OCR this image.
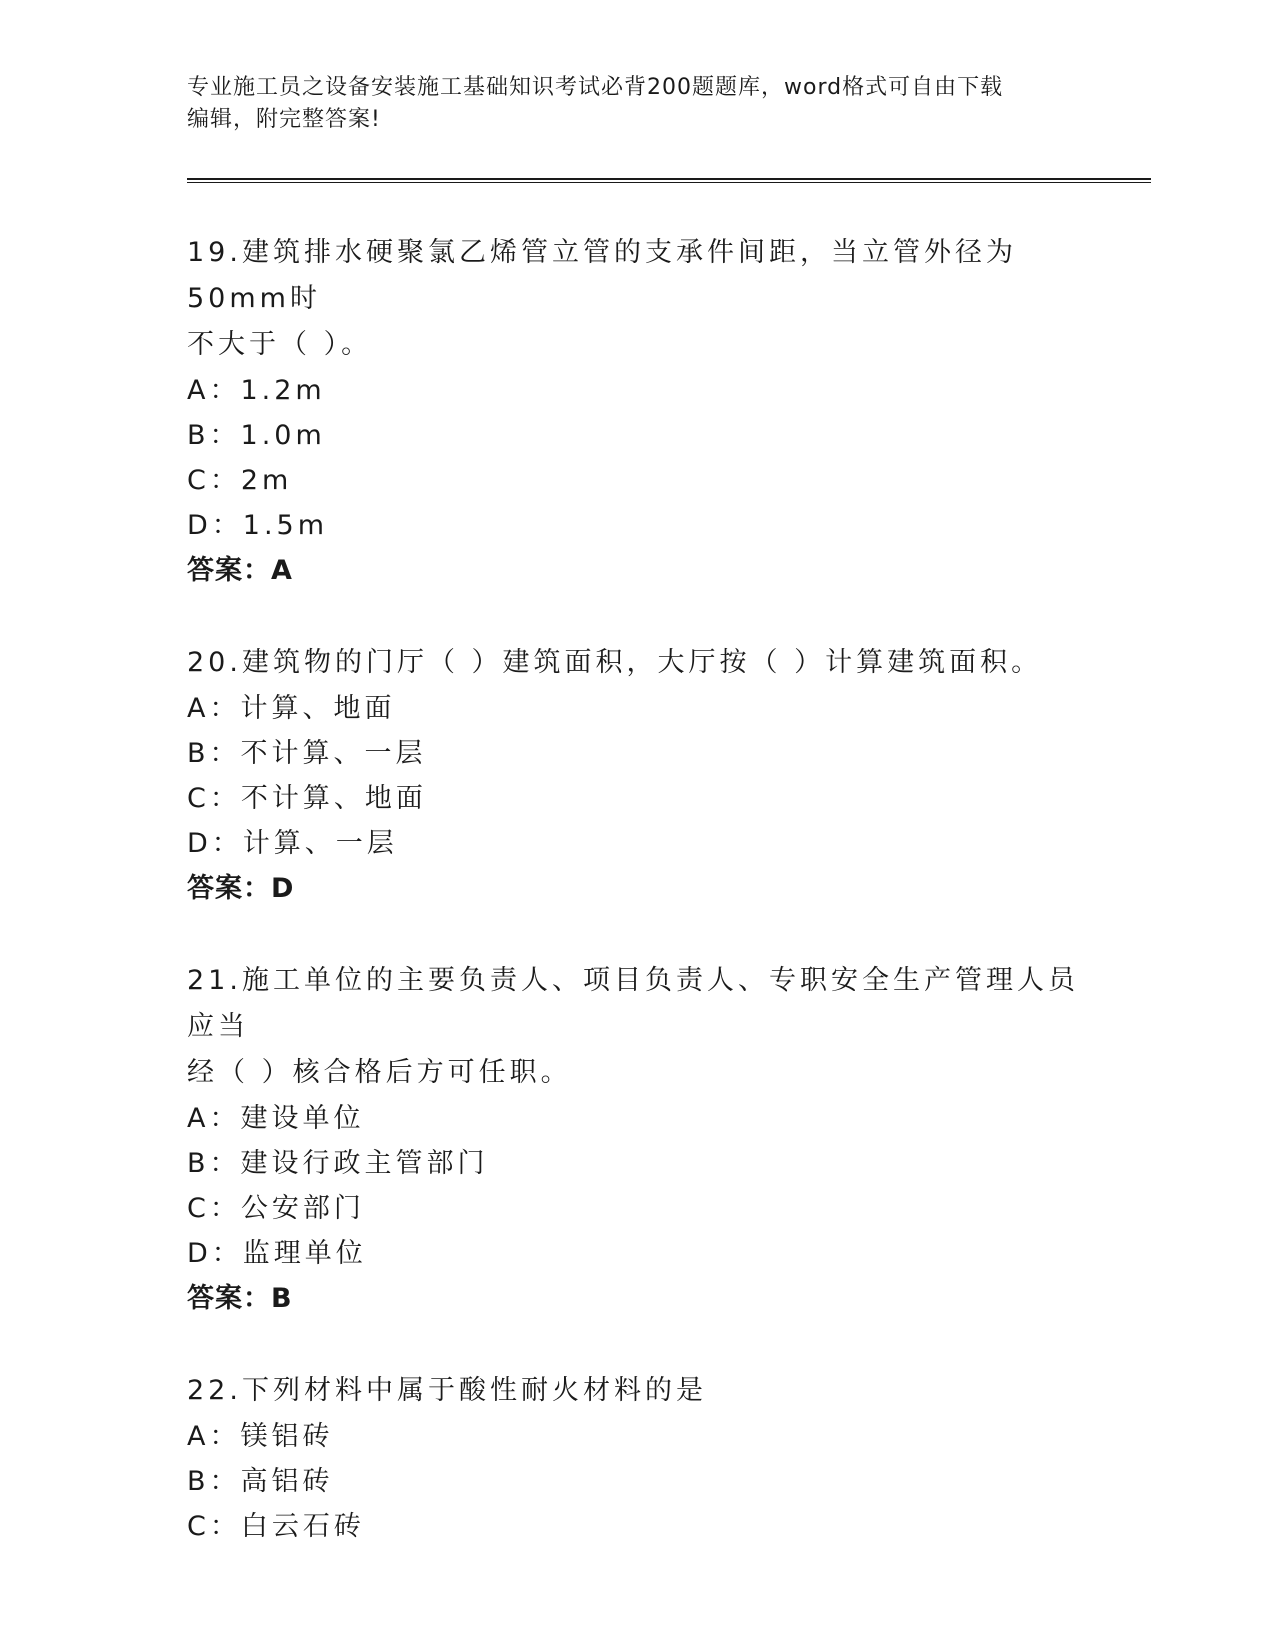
专业施工员之设备安装施工基础知识考试必背200题题库，word格式可自由下载
编辑，附完整答案!

19.建筑排水硬聚氯乙烯管立管的支承件间距，当立管外径为50mm时

不大于（ ）。

A：1.2m

B：1.0m

C：2m

D：1.5m

答案：A

20.建筑物的门厅（ ）建筑面积，大厅按（ ）计算建筑面积。

A：计算、地面

B：不计算、一层

C：不计算、地面

D：计算、一层

答案：D

21.施工单位的主要负责人、项目负责人、专职安全生产管理人员应当

经（ ）核合格后方可任职。

A：建设单位

B：建设行政主管部门

C：公安部门

D：监理单位

答案：B

22.下列材料中属于酸性耐火材料的是

A：镁铝砖

B：高铝砖

C：白云石砖
